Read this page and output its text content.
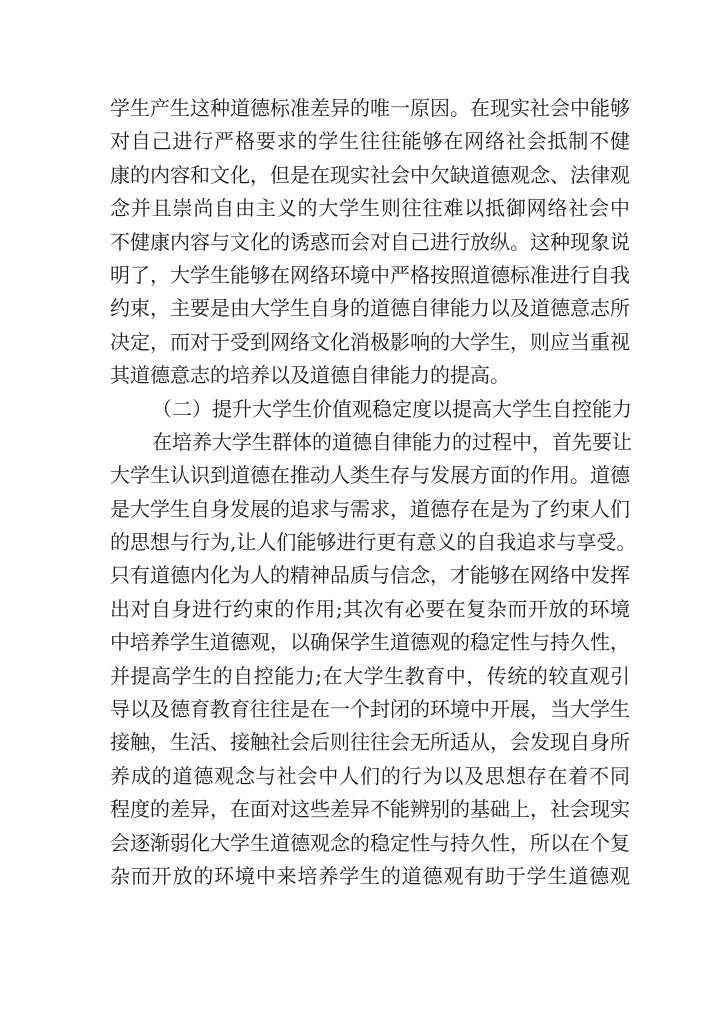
学生产生这种道德标准差异的唯一原因。在现实社会中能够
对自己进行严格要求的学生往往能够在网络社会抵制不健
康的内容和文化，但是在现实社会中欠缺道德观念、法律观
念并且崇尚自由主义的大学生则往往难以抵御网络社会中
不健康内容与文化的诱惑而会对自己进行放纵。这种现象说
明了，大学生能够在网络环境中严格按照道德标准进行自我
约束，主要是由大学生自身的道德自律能力以及道德意志所
决定，而对于受到网络文化消极影响的大学生，则应当重视
其道德意志的培养以及道德自律能力的提高。
（二）提升大学生价值观稳定度以提高大学生自控能力
在培养大学生群体的道德自律能力的过程中，首先要让
大学生认识到道德在推动人类生存与发展方面的作用。道德
是大学生自身发展的追求与需求，道德存在是为了约束人们
的思想与行为,让人们能够进行更有意义的自我追求与享受。
只有道德内化为人的精神品质与信念，才能够在网络中发挥
出对自身进行约束的作用;其次有必要在复杂而开放的环境
中培养学生道德观，以确保学生道德观的稳定性与持久性，
并提高学生的自控能力;在大学生教育中，传统的较直观引
导以及德育教育往往是在一个封闭的环境中开展，当大学生
接触，生活、接触社会后则往往会无所适从，会发现自身所
养成的道德观念与社会中人们的行为以及思想存在着不同
程度的差异，在面对这些差异不能辨别的基础上，社会现实
会逐渐弱化大学生道德观念的稳定性与持久性，所以在个复
杂而开放的环境中来培养学生的道德观有助于学生道德观
